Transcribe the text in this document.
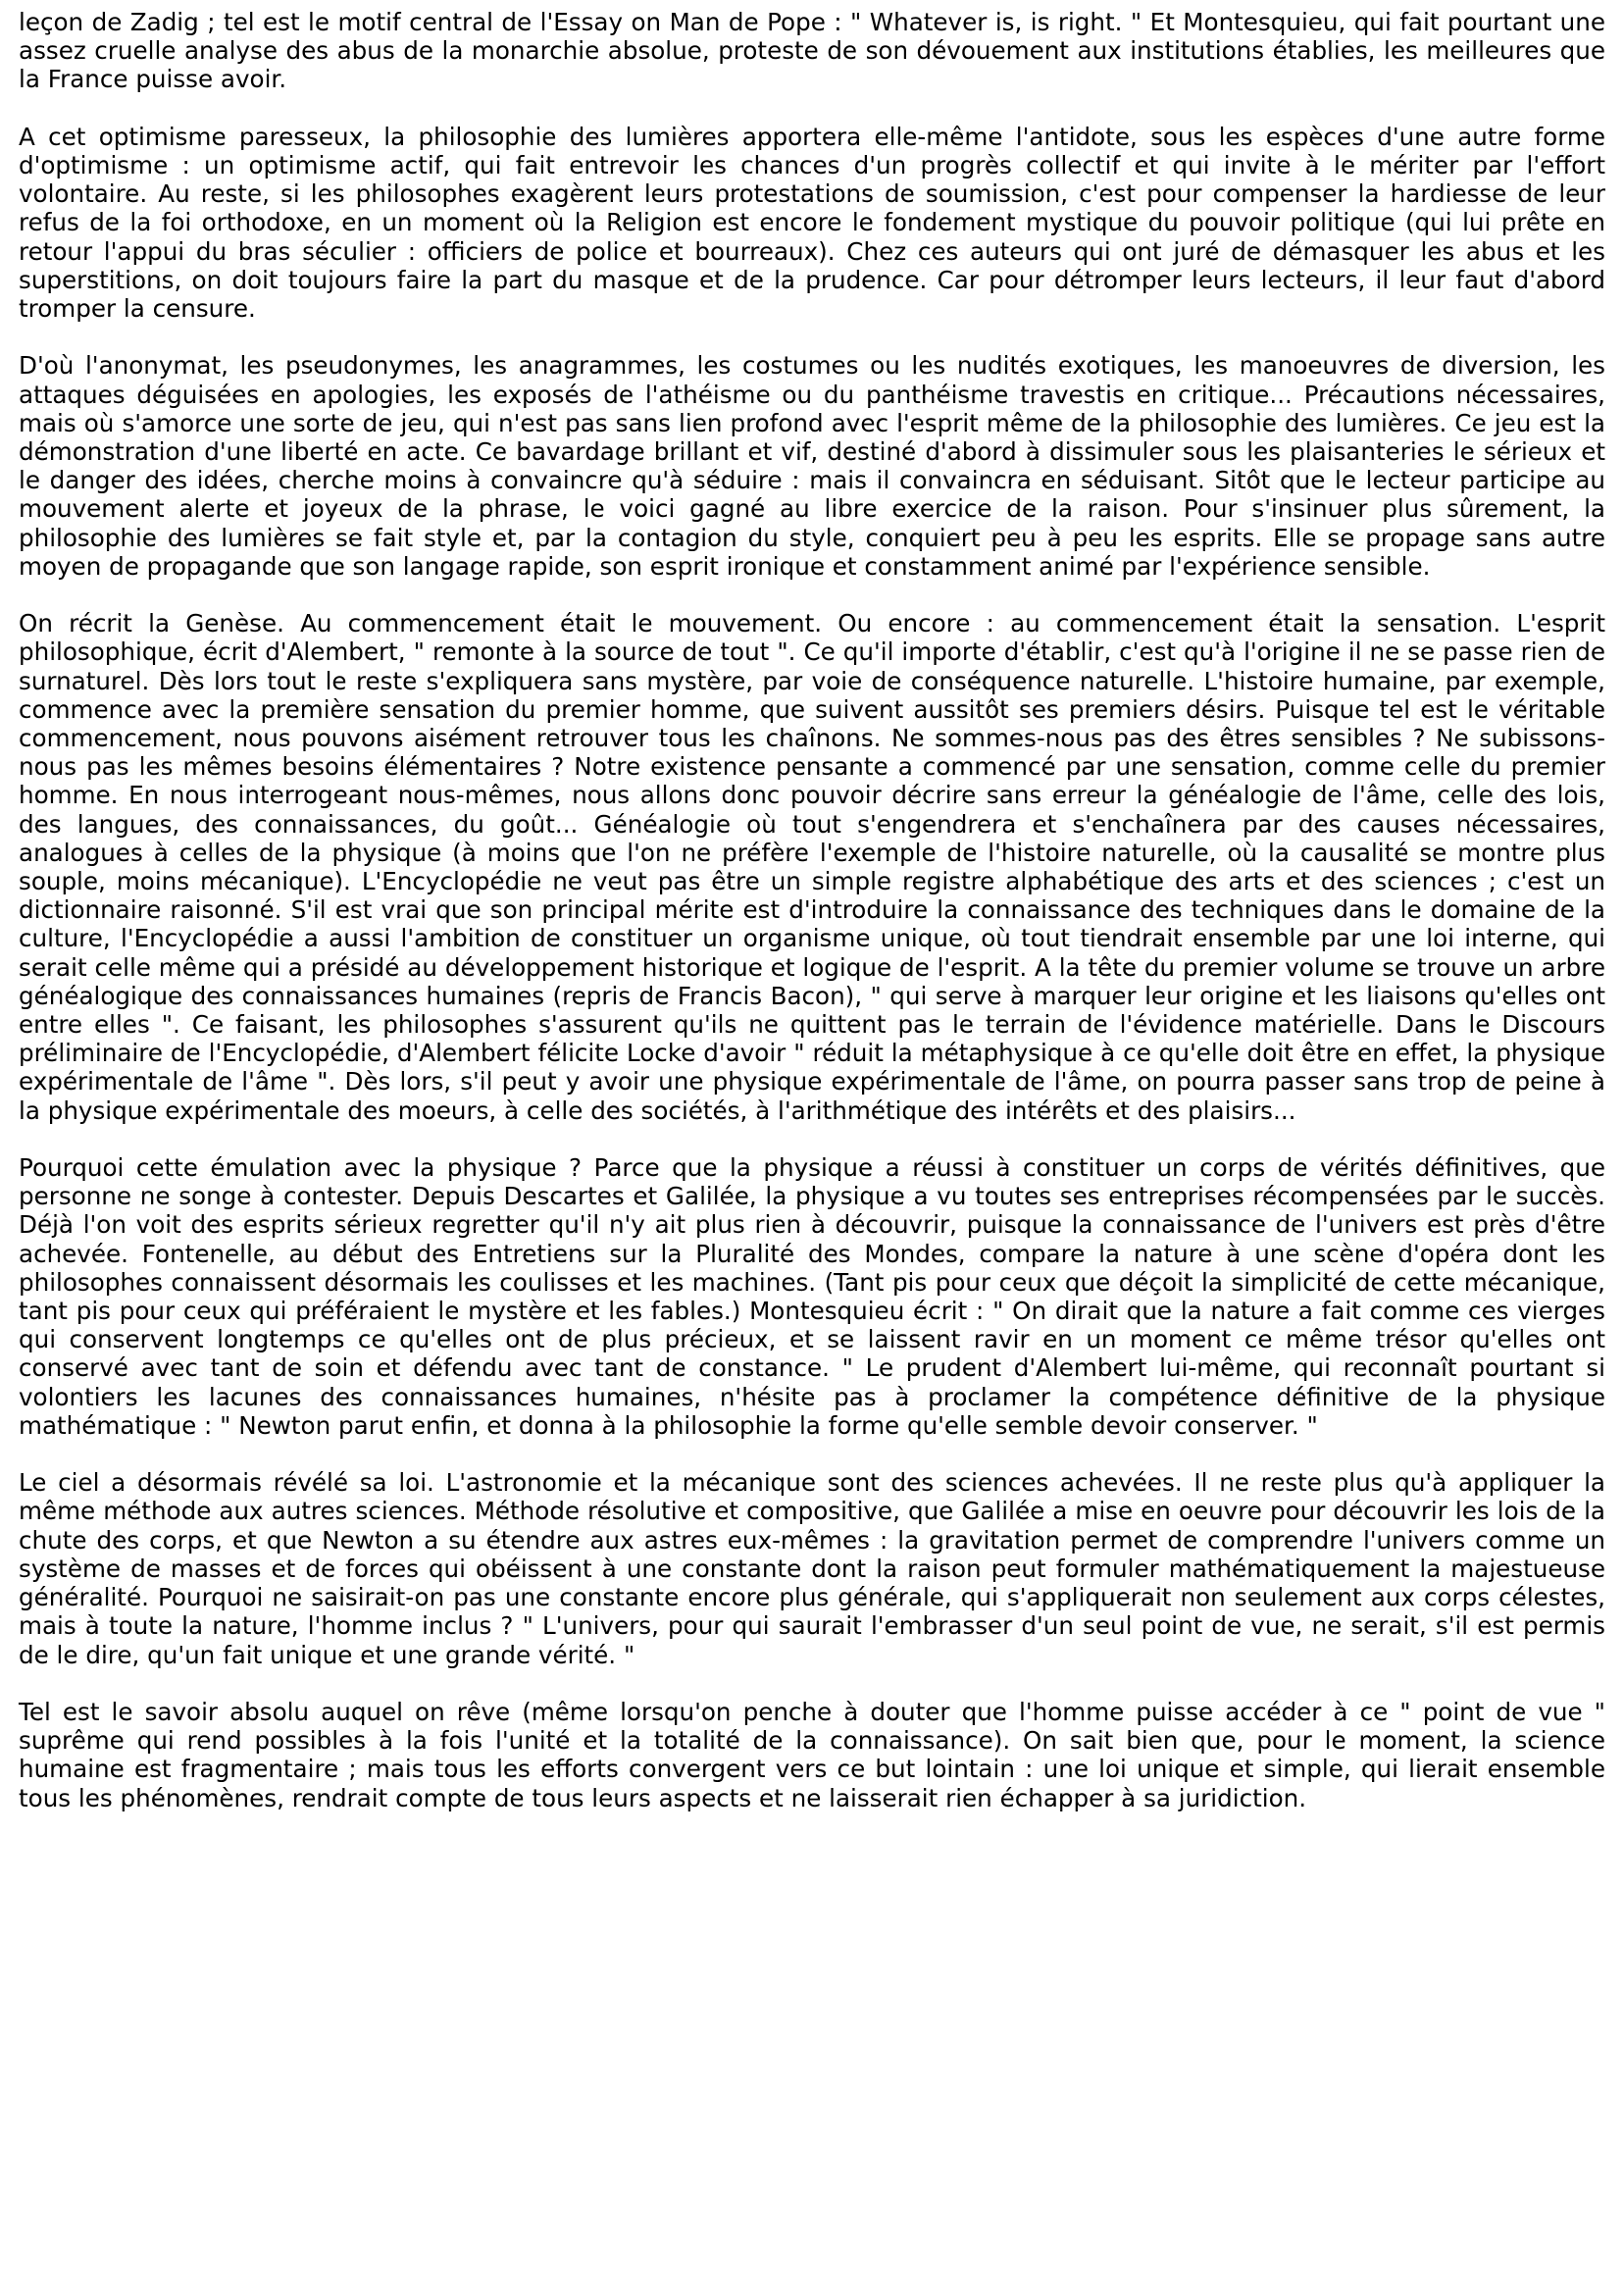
leçon de Zadig ; tel est le motif central de l'Essay on Man de Pope : " Whatever is, is right. " Et Montesquieu, qui fait pourtant une assez cruelle analyse des abus de la monarchie absolue, proteste de son dévouement aux institutions établies, les meilleures que la France puisse avoir.

A cet optimisme paresseux, la philosophie des lumières apportera elle-même l'antidote, sous les espèces d'une autre forme d'optimisme : un optimisme actif, qui fait entrevoir les chances d'un progrès collectif et qui invite à le mériter par l'effort volontaire. Au reste, si les philosophes exagèrent leurs protestations de soumission, c'est pour compenser la hardiesse de leur refus de la foi orthodoxe, en un moment où la Religion est encore le fondement mystique du pouvoir politique (qui lui prête en retour l'appui du bras séculier : officiers de police et bourreaux). Chez ces auteurs qui ont juré de démasquer les abus et les superstitions, on doit toujours faire la part du masque et de la prudence. Car pour détromper leurs lecteurs, il leur faut d'abord tromper la censure.

D'où l'anonymat, les pseudonymes, les anagrammes, les costumes ou les nudités exotiques, les manoeuvres de diversion, les attaques déguisées en apologies, les exposés de l'athéisme ou du panthéisme travestis en critique... Précautions nécessaires, mais où s'amorce une sorte de jeu, qui n'est pas sans lien profond avec l'esprit même de la philosophie des lumières. Ce jeu est la démonstration d'une liberté en acte. Ce bavardage brillant et vif, destiné d'abord à dissimuler sous les plaisanteries le sérieux et le danger des idées, cherche moins à convaincre qu'à séduire : mais il convaincra en séduisant. Sitôt que le lecteur participe au mouvement alerte et joyeux de la phrase, le voici gagné au libre exercice de la raison. Pour s'insinuer plus sûrement, la philosophie des lumières se fait style et, par la contagion du style, conquiert peu à peu les esprits. Elle se propage sans autre moyen de propagande que son langage rapide, son esprit ironique et constamment animé par l'expérience sensible.

On récrit la Genèse. Au commencement était le mouvement. Ou encore : au commencement était la sensation. L'esprit philosophique, écrit d'Alembert, " remonte à la source de tout ". Ce qu'il importe d'établir, c'est qu'à l'origine il ne se passe rien de surnaturel. Dès lors tout le reste s'expliquera sans mystère, par voie de conséquence naturelle. L'histoire humaine, par exemple, commence avec la première sensation du premier homme, que suivent aussitôt ses premiers désirs. Puisque tel est le véritable commencement, nous pouvons aisément retrouver tous les chaînons. Ne sommes-nous pas des êtres sensibles ? Ne subissons-nous pas les mêmes besoins élémentaires ? Notre existence pensante a commencé par une sensation, comme celle du premier homme. En nous interrogeant nous-mêmes, nous allons donc pouvoir décrire sans erreur la généalogie de l'âme, celle des lois, des langues, des connaissances, du goût... Généalogie où tout s'engendrera et s'enchaînera par des causes nécessaires, analogues à celles de la physique (à moins que l'on ne préfère l'exemple de l'histoire naturelle, où la causalité se montre plus souple, moins mécanique). L'Encyclopédie ne veut pas être un simple registre alphabétique des arts et des sciences ; c'est un dictionnaire raisonné. S'il est vrai que son principal mérite est d'introduire la connaissance des techniques dans le domaine de la culture, l'Encyclopédie a aussi l'ambition de constituer un organisme unique, où tout tiendrait ensemble par une loi interne, qui serait celle même qui a présidé au développement historique et logique de l'esprit. A la tête du premier volume se trouve un arbre généalogique des connaissances humaines (repris de Francis Bacon), " qui serve à marquer leur origine et les liaisons qu'elles ont entre elles ". Ce faisant, les philosophes s'assurent qu'ils ne quittent pas le terrain de l'évidence matérielle. Dans le Discours préliminaire de l'Encyclopédie, d'Alembert félicite Locke d'avoir " réduit la métaphysique à ce qu'elle doit être en effet, la physique expérimentale de l'âme ". Dès lors, s'il peut y avoir une physique expérimentale de l'âme, on pourra passer sans trop de peine à la physique expérimentale des moeurs, à celle des sociétés, à l'arithmétique des intérêts et des plaisirs...

Pourquoi cette émulation avec la physique ? Parce que la physique a réussi à constituer un corps de vérités définitives, que personne ne songe à contester. Depuis Descartes et Galilée, la physique a vu toutes ses entreprises récompensées par le succès. Déjà l'on voit des esprits sérieux regretter qu'il n'y ait plus rien à découvrir, puisque la connaissance de l'univers est près d'être achevée. Fontenelle, au début des Entretiens sur la Pluralité des Mondes, compare la nature à une scène d'opéra dont les philosophes connaissent désormais les coulisses et les machines. (Tant pis pour ceux que déçoit la simplicité de cette mécanique, tant pis pour ceux qui préféraient le mystère et les fables.) Montesquieu écrit : " On dirait que la nature a fait comme ces vierges qui conservent longtemps ce qu'elles ont de plus précieux, et se laissent ravir en un moment ce même trésor qu'elles ont conservé avec tant de soin et défendu avec tant de constance. " Le prudent d'Alembert lui-même, qui reconnaît pourtant si volontiers les lacunes des connaissances humaines, n'hésite pas à proclamer la compétence définitive de la physique mathématique : " Newton parut enfin, et donna à la philosophie la forme qu'elle semble devoir conserver. "

Le ciel a désormais révélé sa loi. L'astronomie et la mécanique sont des sciences achevées. Il ne reste plus qu'à appliquer la même méthode aux autres sciences. Méthode résolutive et compositive, que Galilée a mise en oeuvre pour découvrir les lois de la chute des corps, et que Newton a su étendre aux astres eux-mêmes : la gravitation permet de comprendre l'univers comme un système de masses et de forces qui obéissent à une constante dont la raison peut formuler mathématiquement la majestueuse généralité. Pourquoi ne saisirait-on pas une constante encore plus générale, qui s'appliquerait non seulement aux corps célestes, mais à toute la nature, l'homme inclus ? " L'univers, pour qui saurait l'embrasser d'un seul point de vue, ne serait, s'il est permis de le dire, qu'un fait unique et une grande vérité. "

Tel est le savoir absolu auquel on rêve (même lorsqu'on penche à douter que l'homme puisse accéder à ce " point de vue " suprême qui rend possibles à la fois l'unité et la totalité de la connaissance). On sait bien que, pour le moment, la science humaine est fragmentaire ; mais tous les efforts convergent vers ce but lointain : une loi unique et simple, qui lierait ensemble tous les phénomènes, rendrait compte de tous leurs aspects et ne laisserait rien échapper à sa juridiction.
